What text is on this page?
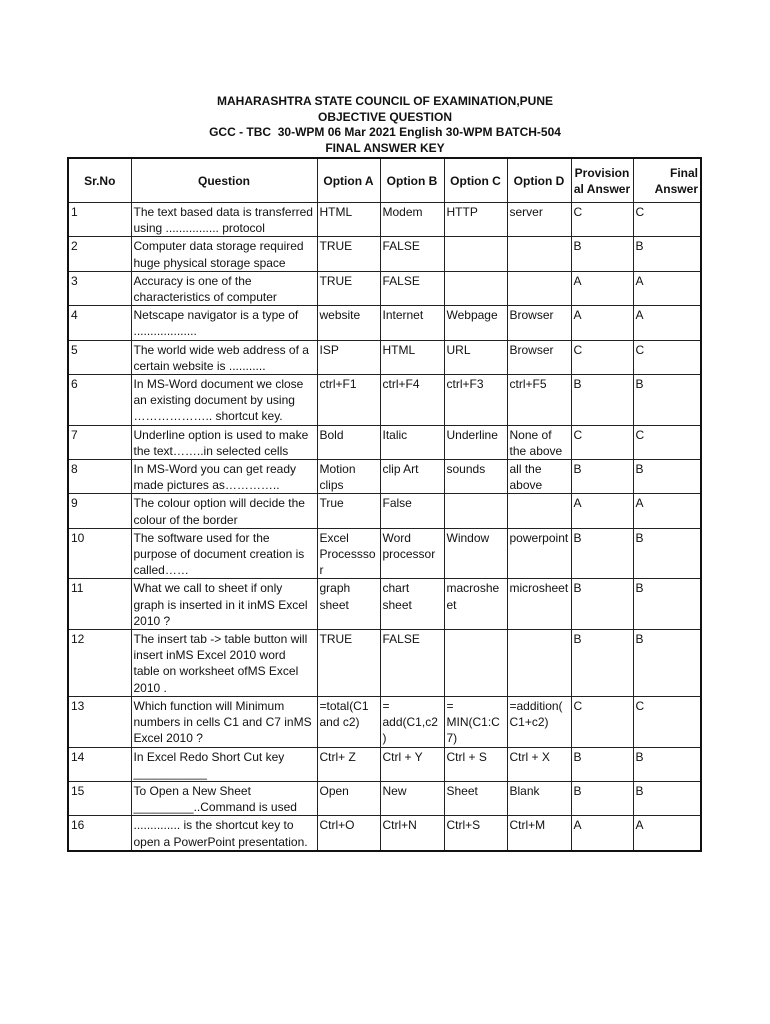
MAHARASHTRA STATE COUNCIL OF EXAMINATION,PUNE
OBJECTIVE QUESTION
GCC - TBC  30-WPM 06 Mar 2021 English 30-WPM BATCH-504
FINAL ANSWER KEY
Sr.No	Question	Option A	Option B	Option C	Option D	Provisional Answer	Final Answer
1	The text based data is transferred using ................ protocol	HTML	Modem	HTTP	server	C	C
2	Computer data storage required huge physical storage space	TRUE	FALSE			B	B
3	Accuracy is one of the characteristics of computer	TRUE	FALSE			A	A
4	Netscape navigator is a type of ...................	website	Internet	Webpage	Browser	A	A
5	The world wide web address of a certain website is ...........	ISP	HTML	URL	Browser	C	C
6	In MS-Word document we close an existing document by using ……………….. shortcut key.	ctrl+F1	ctrl+F4	ctrl+F3	ctrl+F5	B	B
7	Underline option is used to make the text……..in selected cells	Bold	Italic	Underline	None of the above	C	C
8	In MS-Word you can get ready made pictures as…………..	Motion clips	clip Art	sounds	all the above	B	B
9	The colour option will decide the colour of the border	True	False			A	A
10	The software used for the purpose of document creation is called……	Excel Processsor	Word processor	Window	powerpoint	B	B
11	What we call to sheet if only graph is inserted in it inMS Excel 2010 ?	graph sheet	chart sheet	macrosheet	microsheet	B	B
12	The insert tab -> table button will insert inMS Excel 2010 word table on worksheet ofMS Excel 2010 .	TRUE	FALSE			B	B
13	Which function will Minimum numbers in cells C1 and C7 inMS Excel 2010 ?	=total(C1 and c2)	= add(C1,c2)	= MIN(C1:C7)	=addition(C1+c2)	C	C
14	In Excel Redo Short Cut key ___________	Ctrl+ Z	Ctrl + Y	Ctrl + S	Ctrl + X	B	B
15	To Open a New Sheet _________..Command is used	Open	New	Sheet	Blank	B	B
16	.............. is the shortcut key to open a PowerPoint presentation.	Ctrl+O	Ctrl+N	Ctrl+S	Ctrl+M	A	A
